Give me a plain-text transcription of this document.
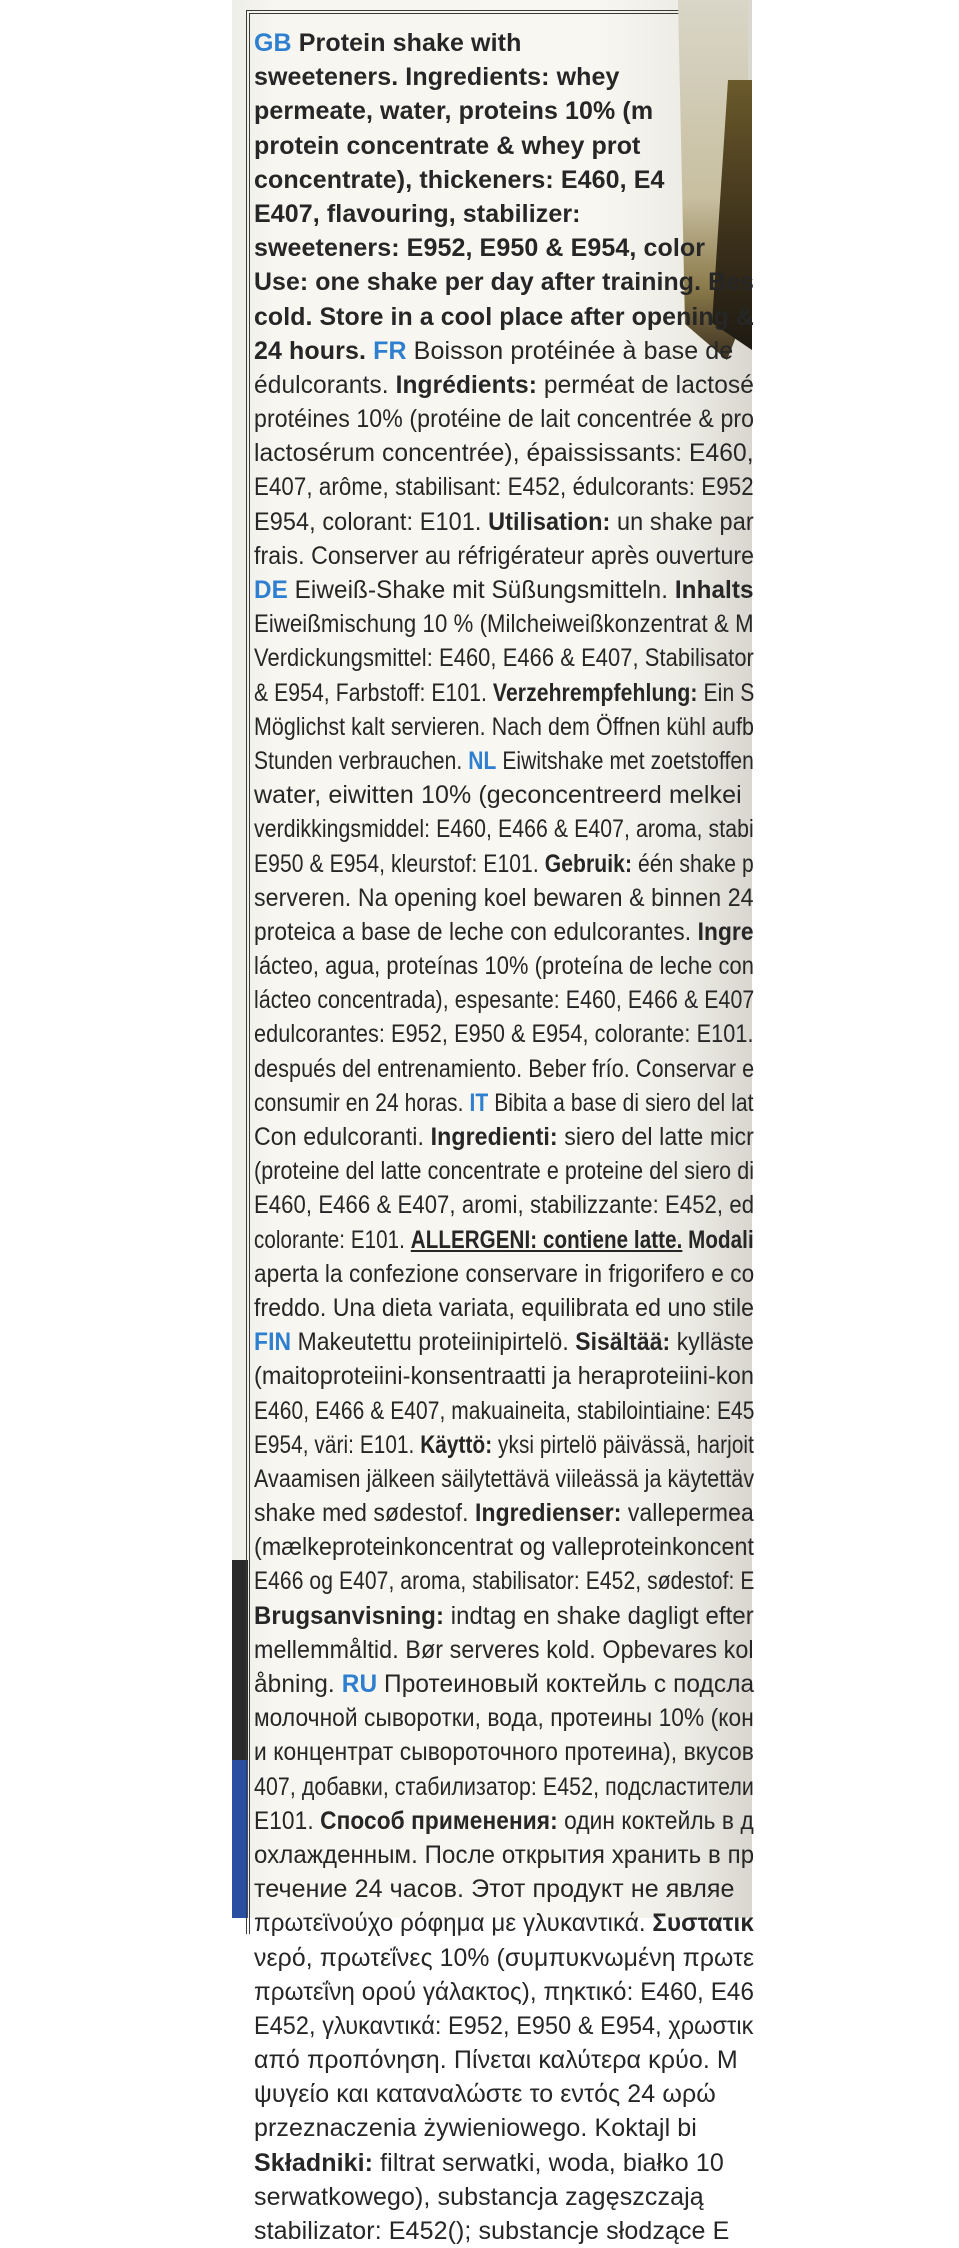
GB Protein shake with
sweeteners. Ingredients: whey
permeate, water, proteins 10% (m
protein concentrate & whey prot
concentrate), thickeners: E460, E4
E407, flavouring, stabilizer:
sweeteners: E952, E950 & E954, color
Use: one shake per day after training. Bes
cold. Store in a cool place after opening &
24 hours. FR Boisson protéinée à base de
édulcorants. Ingrédients: perméat de lactosé
protéines 10% (protéine de lait concentrée & pro
lactosérum concentrée), épaississants: E460,
E407, arôme, stabilisant: E452, édulcorants: E952
E954, colorant: E101. Utilisation: un shake par
frais. Conserver au réfrigérateur après ouverture
DE Eiweiß-Shake mit Süßungsmitteln. Inhalts
Eiweißmischung 10 % (Milcheiweißkonzentrat & M
Verdickungsmittel: E460, E466 & E407, Stabilisator
& E954, Farbstoff: E101. Verzehrempfehlung: Ein S
Möglichst kalt servieren. Nach dem Öffnen kühl aufb
Stunden verbrauchen. NL Eiwitshake met zoetstoffen
water, eiwitten 10% (geconcentreerd melkei
verdikkingsmiddel: E460, E466 & E407, aroma, stabi
E950 & E954, kleurstof: E101. Gebruik: één shake p
serveren. Na opening koel bewaren & binnen 24
proteica a base de leche con edulcorantes. Ingre
lácteo, agua, proteínas 10% (proteína de leche con
lácteo concentrada), espesante: E460, E466 & E407
edulcorantes: E952, E950 & E954, colorante: E101.
después del entrenamiento. Beber frío. Conservar e
consumir en 24 horas. IT Bibita a base di siero del lat
Con edulcoranti. Ingredienti: siero del latte micr
(proteine del latte concentrate e proteine del siero di
E460, E466 & E407, aromi, stabilizzante: E452, ed
colorante: E101. ALLERGENI: contiene latte. Modali
aperta la confezione conservare in frigorifero e co
freddo. Una dieta variata, equilibrata ed uno stile
FIN Makeutettu proteiinipirtelö. Sisältää: kylläste
(maitoproteiini-konsentraatti ja heraproteiini-kon
E460, E466 & E407, makuaineita, stabilointiaine: E45
E954, väri: E101. Käyttö: yksi pirtelö päivässä, harjoit
Avaamisen jälkeen säilytettävä viileässä ja käytettäv
shake med sødestof. Ingredienser: vallepermea
(mælkeproteinkoncentrat og valleproteinkoncent
E466 og E407, aroma, stabilisator: E452, sødestof: E
Brugsanvisning: indtag en shake dagligt efter
mellemmåltid. Bør serveres kold. Opbevares kol
åbning. RU Протеиновый коктейль с подсла
молочной сыворотки, вода, протеины 10% (кон
и концентрат сывороточного протеина), вкусов
407, добавки, стабилизатор: E452, подсластители
E101. Способ применения: один коктейль в д
охлажденным. После открытия хранить в пр
течение 24 часов. Этот продукт не являе
πρωτεϊνούχο ρόφημα με γλυκαντικά. Συστατικ
νερό, πρωτεΐνες 10% (συμπυκνωμένη πρωτε
πρωτεΐνη ορού γάλακτος), πηκτικό: E460, E46
E452, γλυκαντικά: E952, E950 & E954, χρωστικ
από προπόνηση. Πίνεται καλύτερα κρύο. Μ
ψυγείο και καταναλώστε το εντός 24 ωρώ
przeznaczenia żywieniowego. Koktajl bi
Składniki: filtrat serwatki, woda, białko 10
serwatkowego), substancja zagęszczają
stabilizator: E452(); substancje słodzące E
